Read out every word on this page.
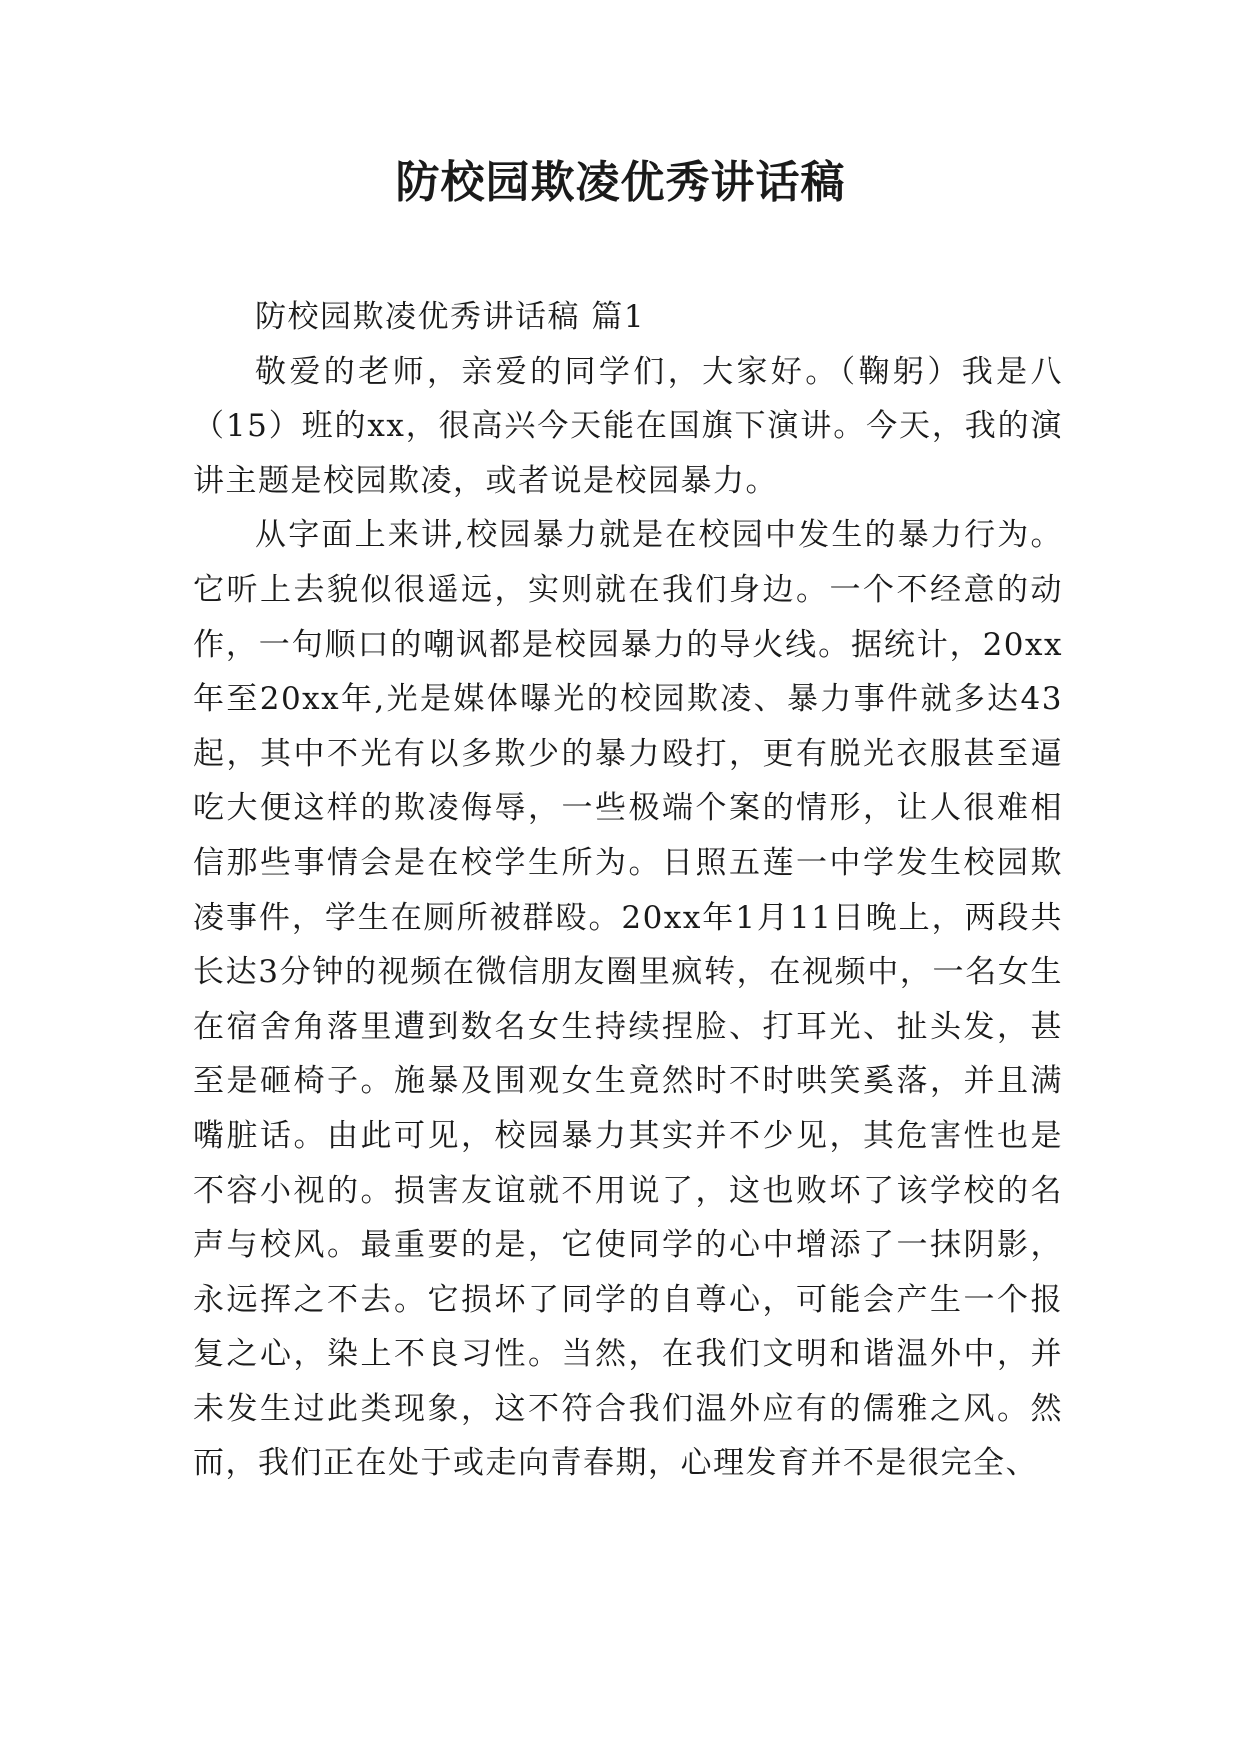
防校园欺凌优秀讲话稿

防校园欺凌优秀讲话稿 篇1

敬爱的老师，亲爱的同学们，大家好。（鞠躬）我是八（15）班的xx，很高兴今天能在国旗下演讲。今天，我的演讲主题是校园欺凌，或者说是校园暴力。

从字面上来讲,校园暴力就是在校园中发生的暴力行为。它听上去貌似很遥远，实则就在我们身边。一个不经意的动作，一句顺口的嘲讽都是校园暴力的导火线。据统计，20xx年至20xx年,光是媒体曝光的校园欺凌、暴力事件就多达43起，其中不光有以多欺少的暴力殴打，更有脱光衣服甚至逼吃大便这样的欺凌侮辱，一些极端个案的情形，让人很难相信那些事情会是在校学生所为。日照五莲一中学发生校园欺凌事件，学生在厕所被群殴。20xx年1月11日晚上，两段共长达3分钟的视频在微信朋友圈里疯转，在视频中，一名女生在宿舍角落里遭到数名女生持续捏脸、打耳光、扯头发，甚至是砸椅子。施暴及围观女生竟然时不时哄笑奚落，并且满嘴脏话。由此可见，校园暴力其实并不少见，其危害性也是不容小视的。损害友谊就不用说了，这也败坏了该学校的名声与校风。最重要的是，它使同学的心中增添了一抹阴影，永远挥之不去。它损坏了同学的自尊心，可能会产生一个报复之心，染上不良习性。当然，在我们文明和谐温外中，并未发生过此类现象，这不符合我们温外应有的儒雅之风。然而，我们正在处于或走向青春期，心理发育并不是很完全、
